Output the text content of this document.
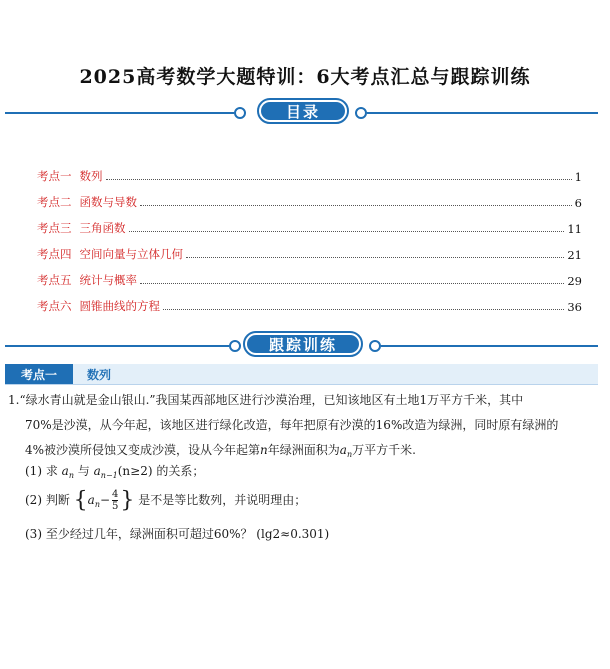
2025高考数学大题特训：6大考点汇总与跟踪训练
目录
考点一 数列	1
考点二 函数与导数	6
考点三 三角函数	11
考点四 空间向量与立体几何	21
考点五 统计与概率	29
考点六 圆锥曲线的方程	36
跟踪训练
考点一	数列

1.“绿水青山就是金山银山.”我国某西部地区进行沙漠治理，已知该地区有土地1万平方千米，其中

70%是沙漠，从今年起，该地区进行绿化改造，每年把原有沙漠的16%改造为绿洲，同时原有绿洲的

4%被沙漠所侵蚀又变成沙漠，设从今年起第n年绿洲面积为$a_n$万平方千米.

(1) 求 $a_n$ 与 $a_{n-1}(n\ge 2)$ 的关系；
(2) 判断 {$a_n- \frac{4}{5}$ } 是不是等比数列，并说明理由；
(3) 至少经过几年，绿洲面积可超过60%？ (lg2≈0.301)
